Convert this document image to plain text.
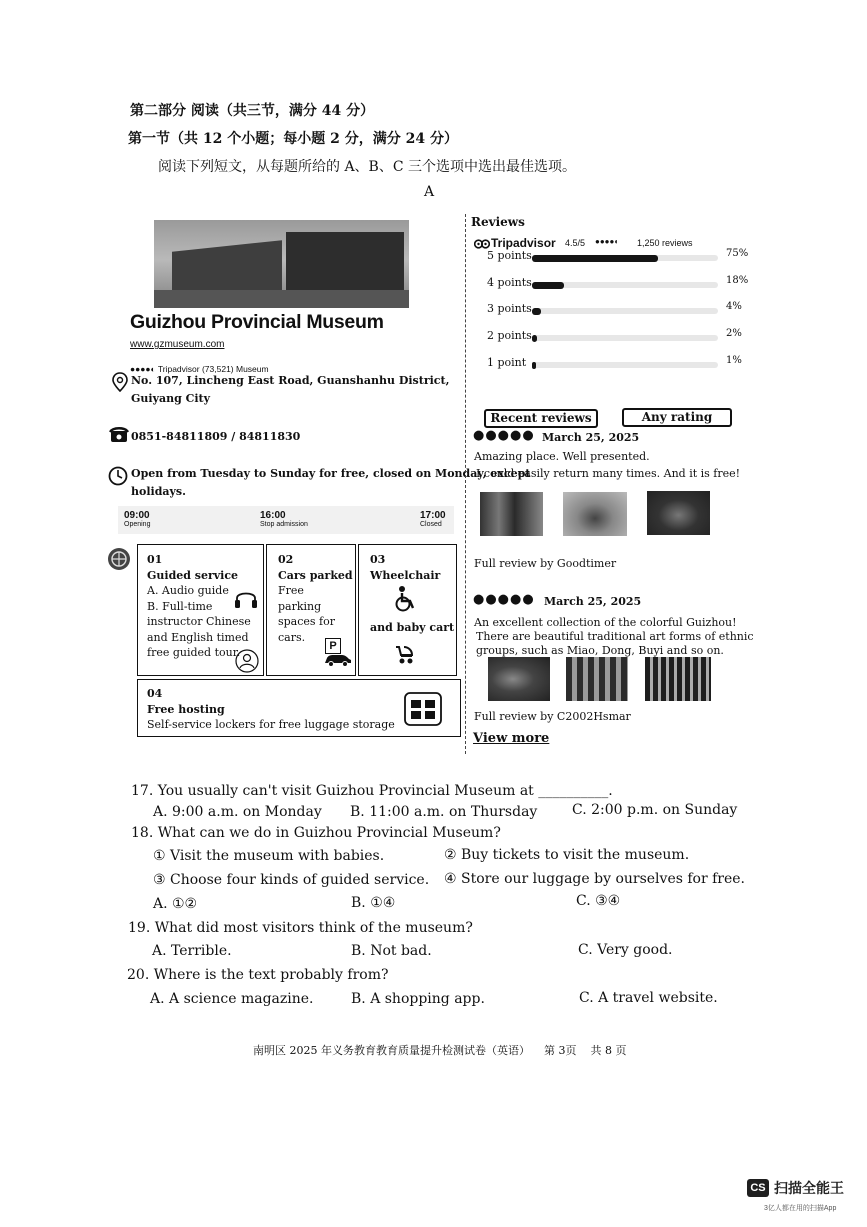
第二部分 阅读（共三节，满分 44 分）
第一节（共 12 个小题；每小题 2 分，满分 24 分）
阅读下列短文，从每题所给的 A、B、C 三个选项中选出最佳选项。
A
Guizhou Provincial Museum
www.gzmuseum.com
●●●●◐ Tripadvisor (73,521) Museum
No. 107, Lincheng East Road, Guanshanhu District,
Guiyang City
0851-84811809 / 84811830
Open from Tuesday to Sunday for free, closed on Monday, except
holidays.
09:00
Opening
16:00
Stop admission
17:00
Closed
01
Guided service
A. Audio guide
B. Full-time
instructor Chinese
and English timed
free guided tour.
02
Cars parked
Free
parking
spaces for
cars.
P
03
Wheelchair
and baby cart
04
Free hosting
Self-service lockers for free luggage storage
Reviews
Tripadvisor 4.5/5 ●●●●◐ 1,250 reviews
5 points	75%
4 points	18%
3 points	4%
2 points	2%
1 point	1%
Recent reviews	Any rating
●●●●● March 25, 2025
Amazing place. Well presented.
I could easily return many times. And it is free!
Full review by Goodtimer
●●●●● March 25, 2025
An excellent collection of the colorful Guizhou!
There are beautiful traditional art forms of ethnic
groups, such as Miao, Dong, Buyi and so on.
Full review by C2002Hsmar
View more
17. You usually can't visit Guizhou Provincial Museum at __________.
A. 9:00 a.m. on Monday B. 11:00 a.m. on Thursday C. 2:00 p.m. on Sunday
18. What can we do in Guizhou Provincial Museum?
① Visit the museum with babies.	② Buy tickets to visit the museum.
③ Choose four kinds of guided service. ④ Store our luggage by ourselves for free.
A. ①②	B. ①④	C. ③④
19. What did most visitors think of the museum?
A. Terrible.	B. Not bad.	C. Very good.
20. Where is the text probably from?
A. A science magazine.	B. A shopping app.	C. A travel website.
南明区 2025 年义务教育教育质量提升检测试卷（英语）    第 3页    共 8 页
CS 扫描全能王
3亿人都在用的扫描App
